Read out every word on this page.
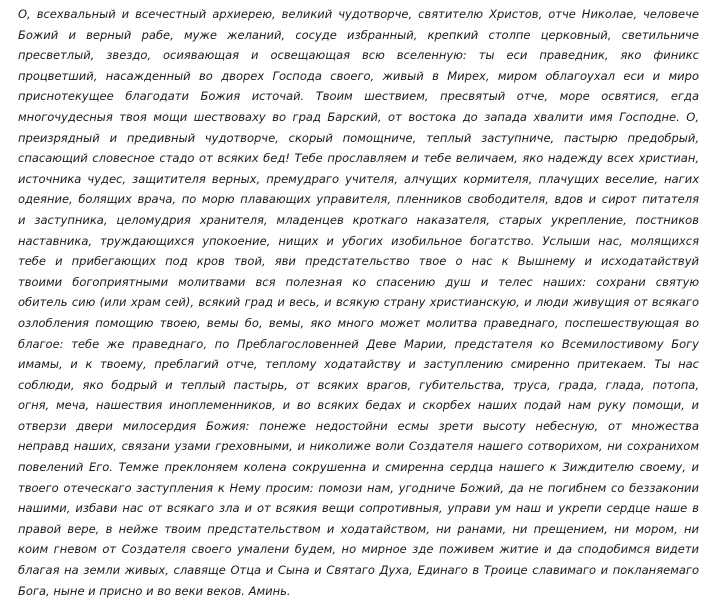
О, всехвальный и всечестный архиерею, великий чудотворче, святителю Христов, отче Николае, человече
Божий и верный рабе, муже желаний, сосуде избранный, крепкий столпе церковный, светильниче
пресветлый, звездо, осиявающая и освещающая всю вселенную: ты еси праведник, яко финикс
процветший, насажденный во дворех Господа своего, живый в Мирех, миром облагоухал еси и миро
приснотекущее благодати Божия источай. Твоим шествием, пресвятый отче, море освятися, егда
многочудесныя твоя мощи шествоваху во град Барский, от востока до запада хвалити имя Господне. О,
преизрядный и предивный чудотворче, скорый помощниче, теплый заступниче, пастырю предобрый,
спасающий словесное стадо от всяких бед! Тебе прославляем и тебе величаем, яко надежду всех христиан,
источника чудес, защитителя верных, премудраго учителя, алчущих кормителя, плачущих веселие, нагих
одеяние, болящих врача, по морю плавающих управителя, пленников свободителя, вдов и сирот питателя
и заступника, целомудрия хранителя, младенцев кроткаго наказателя, старых укрепление, постников
наставника, труждающихся упокоение, нищих и убогих изобильное богатство. Услыши нас, молящихся
тебе и прибегающих под кров твой, яви предстательство твое о нас к Вышнему и исходатайствуй
твоими богоприятными молитвами вся полезная ко спасению душ и телес наших: сохрани святую
обитель сию (или храм сей), всякий град и весь, и всякую страну христианскую, и люди живущия от всякаго
озлобления помощию твоею, вемы бо, вемы, яко много может молитва праведнаго, поспешествующая во
благое: тебе же праведнаго, по Преблагословенней Деве Марии, предстателя ко Всемилостивому Богу
имамы, и к твоему, преблагий отче, теплому ходатайству и заступлению смиренно притекаем. Ты нас
соблюди, яко бодрый и теплый пастырь, от всяких врагов, губительства, труса, града, глада, потопа,
огня, меча, нашествия иноплеменников, и во всяких бедах и скорбех наших подай нам руку помощи, и
отверзи двери милосердия Божия: понеже недостойни есмы зрети высоту небесную, от множества
неправд наших, связани узами греховными, и николиже воли Создателя нашего сотворихом, ни сохранихом
повелений Его. Темже преклоняем колена сокрушенна и смиренна сердца нашего к Зиждителю своему, и
твоего отеческаго заступления к Нему просим: помози нам, угодниче Божий, да не погибнем со беззаконии
нашими, избави нас от всякаго зла и от всякия вещи сопротивныя, управи ум наш и укрепи сердце наше в
правой вере, в нейже твоим предстательством и ходатайством, ни ранами, ни прещением, ни мором, ни
коим гневом от Создателя своего умалени будем, но мирное зде поживем житие и да сподобимся видети
благая на земли живых, славяще Отца и Сына и Святаго Духа, Единаго в Троице славимаго и покланяемаго
Бога, ныне и присно и во веки веков. Аминь.
